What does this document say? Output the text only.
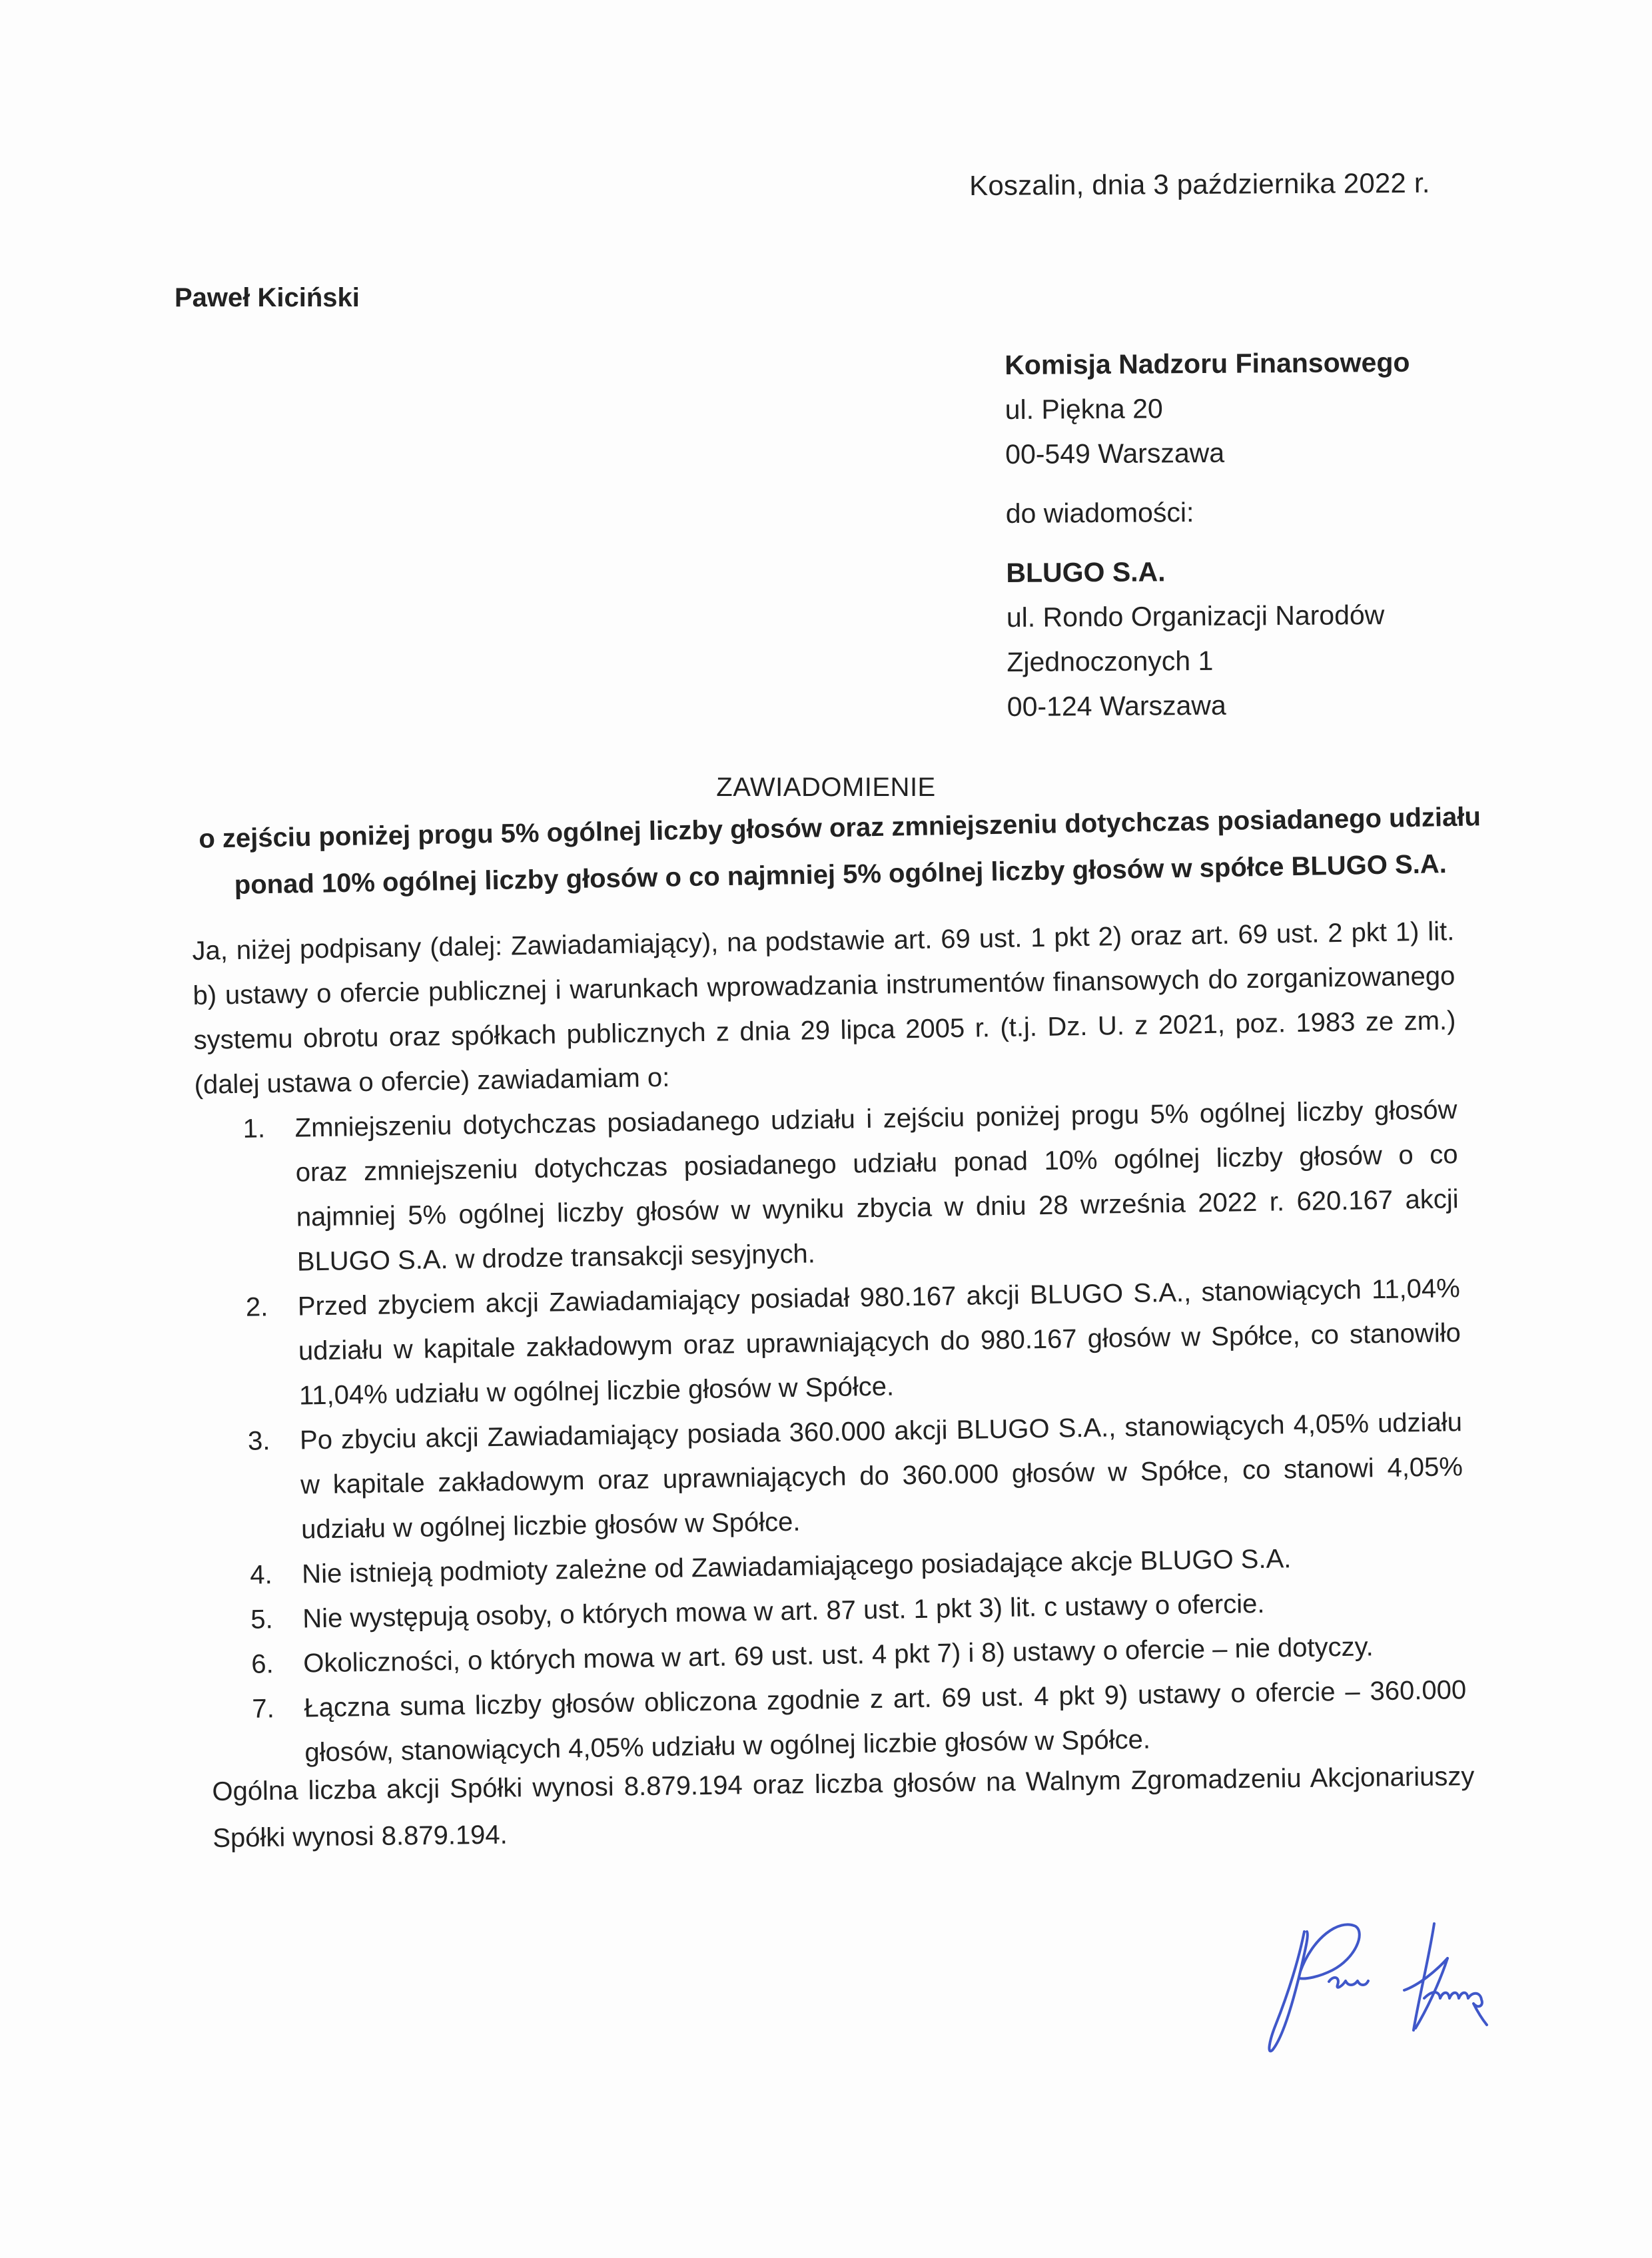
Koszalin, dnia 3 października 2022 r.
Paweł Kiciński
Komisja Nadzoru Finansowego
ul. Piękna 20
00-549 Warszawa
do wiadomości:
BLUGO S.A.
ul. Rondo Organizacji Narodów
Zjednoczonych 1
00-124 Warszawa
ZAWIADOMIENIE
o zejściu poniżej progu 5% ogólnej liczby głosów oraz zmniejszeniu dotychczas posiadanego udziału
ponad 10% ogólnej liczby głosów o co najmniej 5% ogólnej liczby głosów w spółce BLUGO S.A.

Ja, niżej podpisany (dalej: Zawiadamiający), na podstawie art. 69 ust. 1 pkt 2) oraz art. 69 ust. 2 pkt 1) lit. b) ustawy o ofercie publicznej i warunkach wprowadzania instrumentów finansowych do zorganizowanego systemu obrotu oraz spółkach publicznych z dnia 29 lipca 2005 r. (t.j. Dz. U. z 2021, poz. 1983 ze zm.) (dalej ustawa o ofercie) zawiadamiam o:

1. Zmniejszeniu dotychczas posiadanego udziału i zejściu poniżej progu 5% ogólnej liczby głosów oraz zmniejszeniu dotychczas posiadanego udziału ponad 10% ogólnej liczby głosów o co najmniej 5% ogólnej liczby głosów w wyniku zbycia w dniu 28 września 2022 r. 620.167 akcji BLUGO S.A. w drodze transakcji sesyjnych.
2. Przed zbyciem akcji Zawiadamiający posiadał 980.167 akcji BLUGO S.A., stanowiących 11,04% udziału w kapitale zakładowym oraz uprawniających do 980.167 głosów w Spółce, co stanowiło 11,04% udziału w ogólnej liczbie głosów w Spółce.
3. Po zbyciu akcji Zawiadamiający posiada 360.000 akcji BLUGO S.A., stanowiących 4,05% udziału w kapitale zakładowym oraz uprawniających do 360.000 głosów w Spółce, co stanowi 4,05% udziału w ogólnej liczbie głosów w Spółce.
4. Nie istnieją podmioty zależne od Zawiadamiającego posiadające akcje BLUGO S.A.
5. Nie występują osoby, o których mowa w art. 87 ust. 1 pkt 3) lit. c ustawy o ofercie.
6. Okoliczności, o których mowa w art. 69 ust. ust. 4 pkt 7) i 8) ustawy o ofercie – nie dotyczy.
7. Łączna suma liczby głosów obliczona zgodnie z art. 69 ust. 4 pkt 9) ustawy o ofercie – 360.000 głosów, stanowiących 4,05% udziału w ogólnej liczbie głosów w Spółce.
Ogólna liczba akcji Spółki wynosi 8.879.194 oraz liczba głosów na Walnym Zgromadzeniu Akcjonariuszy Spółki wynosi 8.879.194.
